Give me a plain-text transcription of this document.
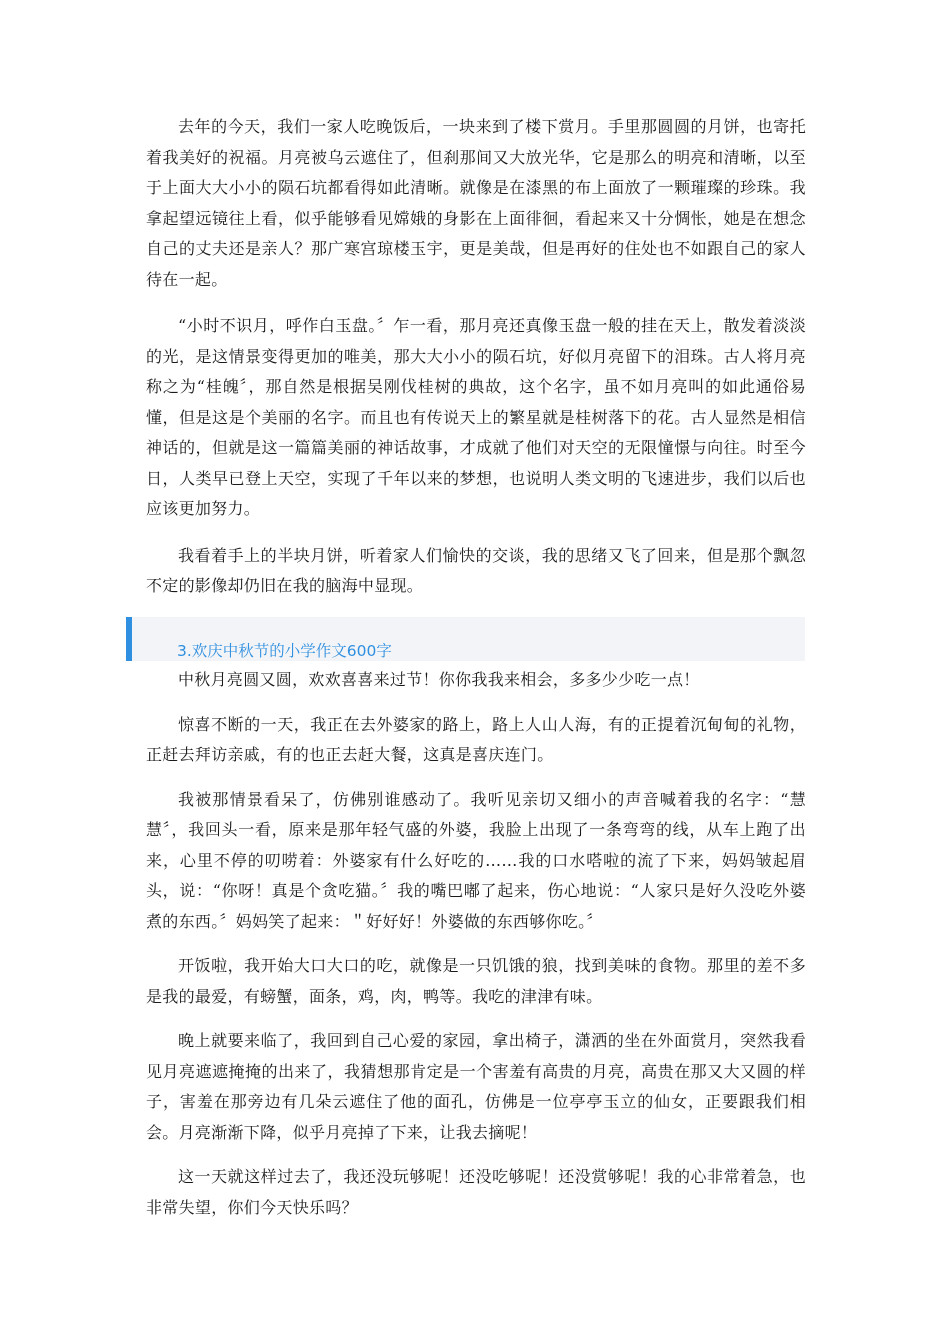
去年的今天，我们一家人吃晚饭后，一块来到了楼下赏月。手里那圆圆的月饼，也寄托着我美好的祝福。月亮被乌云遮住了，但刹那间又大放光华，它是那么的明亮和清晰，以至于上面大大小小的陨石坑都看得如此清晰。就像是在漆黑的布上面放了一颗璀璨的珍珠。我拿起望远镜往上看，似乎能够看见嫦娥的身影在上面徘徊，看起来又十分惆怅，她是在想念自己的丈夫还是亲人？那广寒宫琼楼玉宇，更是美哉，但是再好的住处也不如跟自己的家人待在一起。

“小时不识月，呼作白玉盘。〞乍一看，那月亮还真像玉盘一般的挂在天上，散发着淡淡的光，是这情景变得更加的唯美，那大大小小的陨石坑，好似月亮留下的泪珠。古人将月亮称之为“桂魄〞，那自然是根据吴刚伐桂树的典故，这个名字，虽不如月亮叫的如此通俗易懂，但是这是个美丽的名字。而且也有传说天上的繁星就是桂树落下的花。古人显然是相信神话的，但就是这一篇篇美丽的神话故事，才成就了他们对天空的无限憧憬与向往。时至今日，人类早已登上天空，实现了千年以来的梦想，也说明人类文明的飞速进步，我们以后也应该更加努力。

我看着手上的半块月饼，听着家人们愉快的交谈，我的思绪又飞了回来，但是那个飘忽不定的影像却仍旧在我的脑海中显现。

3.欢庆中秋节的小学作文600字

中秋月亮圆又圆，欢欢喜喜来过节！你你我我来相会，多多少少吃一点！

惊喜不断的一天，我正在去外婆家的路上，路上人山人海，有的正提着沉甸甸的礼物，正赶去拜访亲戚，有的也正去赶大餐，这真是喜庆连门。

我被那情景看呆了，仿佛别谁感动了。我听见亲切又细小的声音喊着我的名字：“慧慧〞，我回头一看，原来是那年轻气盛的外婆，我脸上出现了一条弯弯的线，从车上跑了出来，心里不停的叨唠着：外婆家有什么好吃的……我的口水嗒啦的流了下来，妈妈皱起眉头，说：“你呀！真是个贪吃猫。〞我的嘴巴嘟了起来，伤心地说：“人家只是好久没吃外婆煮的东西。〞妈妈笑了起来：＂好好好！外婆做的东西够你吃。〞

开饭啦，我开始大口大口的吃，就像是一只饥饿的狼，找到美味的食物。那里的差不多是我的最爱，有螃蟹，面条，鸡，肉，鸭等。我吃的津津有味。

晚上就要来临了，我回到自己心爱的家园，拿出椅子，潇洒的坐在外面赏月，突然我看见月亮遮遮掩掩的出来了，我猜想那肯定是一个害羞有高贵的月亮，高贵在那又大又圆的样子，害羞在那旁边有几朵云遮住了他的面孔，仿佛是一位亭亭玉立的仙女，正要跟我们相会。月亮渐渐下降，似乎月亮掉了下来，让我去摘呢！

这一天就这样过去了，我还没玩够呢！还没吃够呢！还没赏够呢！我的心非常着急，也非常失望，你们今天快乐吗？
